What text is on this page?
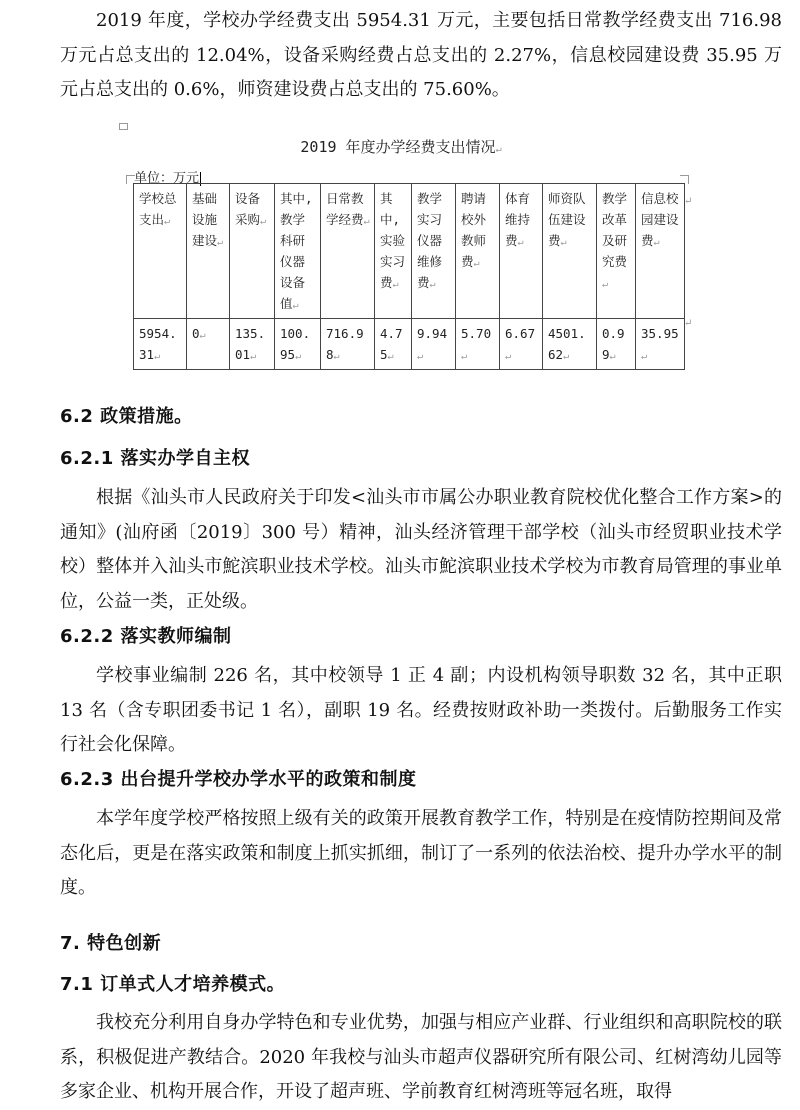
2019 年度，学校办学经费支出 5954.31 万元，主要包括日常教学经费支出 716.98 万元占总支出的 12.04%，设备采购经费占总支出的 2.27%，信息校园建设费 35.95 万元占总支出的 0.6%，师资建设费占总支出的 75.60%。

2019 年度办学经费支出情况↵
单位：万元
学校总支出↵	基础设施建设↵	设备采购↵	其中,教学科研仪器设备值↵	日常教学经费↵	其中,实验实习费↵	教学实习仪器维修费↵	聘请校外教师费↵	体育维持费↵	师资队伍建设费↵	教学改革及研究费↵	信息校园建设费↵
5954.31↵	0↵	135.01↵	100.95↵	716.98↵	4.75↵	9.94↵	5.70↵	6.67↵	4501.62↵	0.99↵	35.95↵
↵
↵

6.2 政策措施。

6.2.1 落实办学自主权

根据《汕头市人民政府关于印发<汕头市市属公办职业教育院校优化整合工作方案>的通知》(汕府函〔2019〕300 号）精神，汕头经济管理干部学校（汕头市经贸职业技术学校）整体并入汕头市鮀滨职业技术学校。汕头市鮀滨职业技术学校为市教育局管理的事业单位，公益一类，正处级。

6.2.2 落实教师编制

学校事业编制 226 名，其中校领导 1 正 4 副；内设机构领导职数 32 名，其中正职 13 名（含专职团委书记 1 名），副职 19 名。经费按财政补助一类拨付。后勤服务工作实行社会化保障。

6.2.3 出台提升学校办学水平的政策和制度

本学年度学校严格按照上级有关的政策开展教育教学工作，特别是在疫情防控期间及常态化后，更是在落实政策和制度上抓实抓细，制订了一系列的依法治校、提升办学水平的制度。

7. 特色创新

7.1 订单式人才培养模式。

我校充分利用自身办学特色和专业优势，加强与相应产业群、行业组织和高职院校的联系，积极促进产教结合。2020 年我校与汕头市超声仪器研究所有限公司、红树湾幼儿园等多家企业、机构开展合作，开设了超声班、学前教育红树湾班等冠名班，取得
